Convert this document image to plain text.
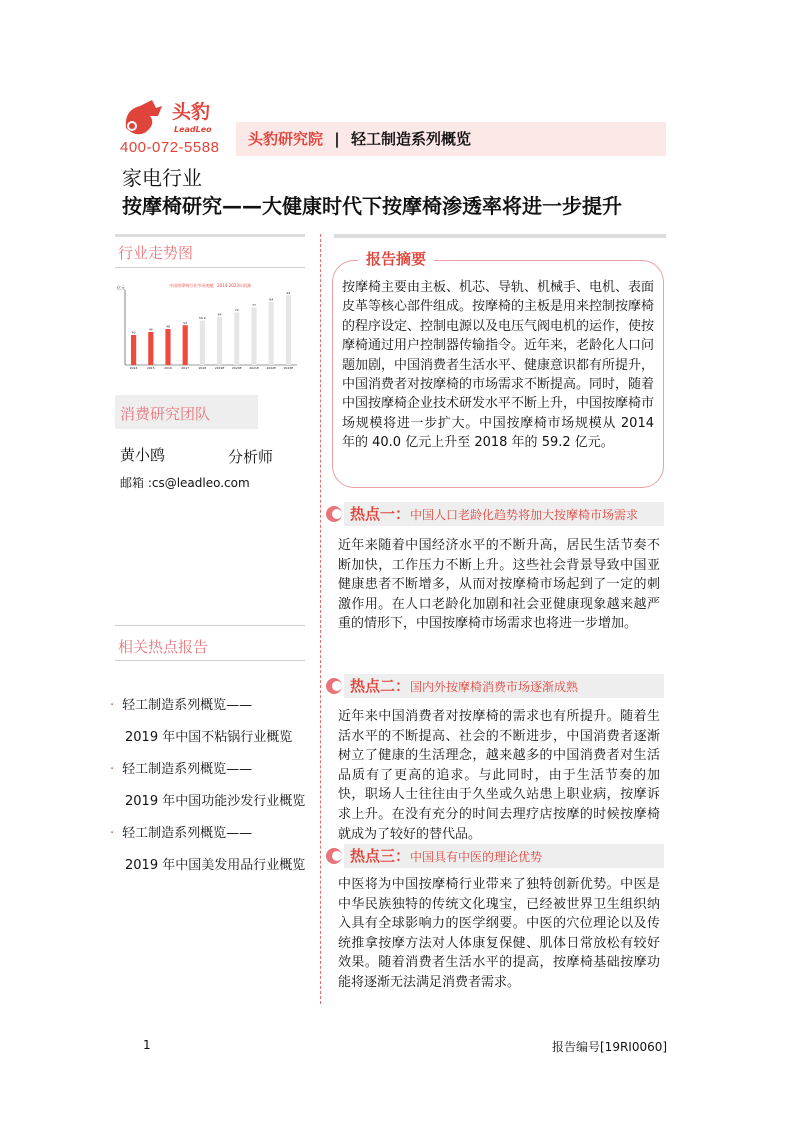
头豹
LeadLeo
400-072-5588	头豹研究院 | 轻工制造系列概览
家电行业
按摩椅研究——大健康时代下按摩椅渗透率将进一步提升
行业走势图
中国按摩椅行业市场规模，2014-2023年预测
亿元
40
2014
44
2015
48
2016
53
2017
59.2
2018
64
2019E
70
2020E
77
2021E
84
2022E
93
2023E
消费研究团队
黄小鸥	分析师
邮箱 :cs@leadleo.com
相关热点报告
· 轻工制造系列概览——
2019 年中国不粘锅行业概览
· 轻工制造系列概览——
2019 年中国功能沙发行业概览
· 轻工制造系列概览——
2019 年中国美发用品行业概览
按摩椅主要由主板、机芯、导轨、机械手、电机、表面皮革等核心部件组成。按摩椅的主板是用来控制按摩椅的程序设定、控制电源以及电压气阀电机的运作，使按摩椅通过用户控制器传输指令。近年来，老龄化人口问题加剧，中国消费者生活水平、健康意识都有所提升，中国消费者对按摩椅的市场需求不断提高。同时，随着中国按摩椅企业技术研发水平不断上升，中国按摩椅市场规模将进一步扩大。中国按摩椅市场规模从 2014 年的 40.0 亿元上升至 2018 年的 59.2 亿元。
报告摘要
热点一：中国人口老龄化趋势将加大按摩椅市场需求
近年来随着中国经济水平的不断升高，居民生活节奏不断加快，工作压力不断上升。这些社会背景导致中国亚健康患者不断增多，从而对按摩椅市场起到了一定的刺激作用。在人口老龄化加剧和社会亚健康现象越来越严重的情形下，中国按摩椅市场需求也将进一步增加。
热点二：国内外按摩椅消费市场逐渐成熟
近年来中国消费者对按摩椅的需求也有所提升。随着生活水平的不断提高、社会的不断进步，中国消费者逐渐树立了健康的生活理念，越来越多的中国消费者对生活品质有了更高的追求。与此同时，由于生活节奏的加快，职场人士往往由于久坐或久站患上职业病，按摩诉求上升。在没有充分的时间去理疗店按摩的时候按摩椅就成为了较好的替代品。
热点三：中国具有中医的理论优势
中医将为中国按摩椅行业带来了独特创新优势。中医是中华民族独特的传统文化瑰宝，已经被世界卫生组织纳入具有全球影响力的医学纲要。中医的穴位理论以及传统推拿按摩方法对人体康复保健、肌体日常放松有较好效果。随着消费者生活水平的提高，按摩椅基础按摩功能将逐渐无法满足消费者需求。
1	报告编号[19RI0060]
